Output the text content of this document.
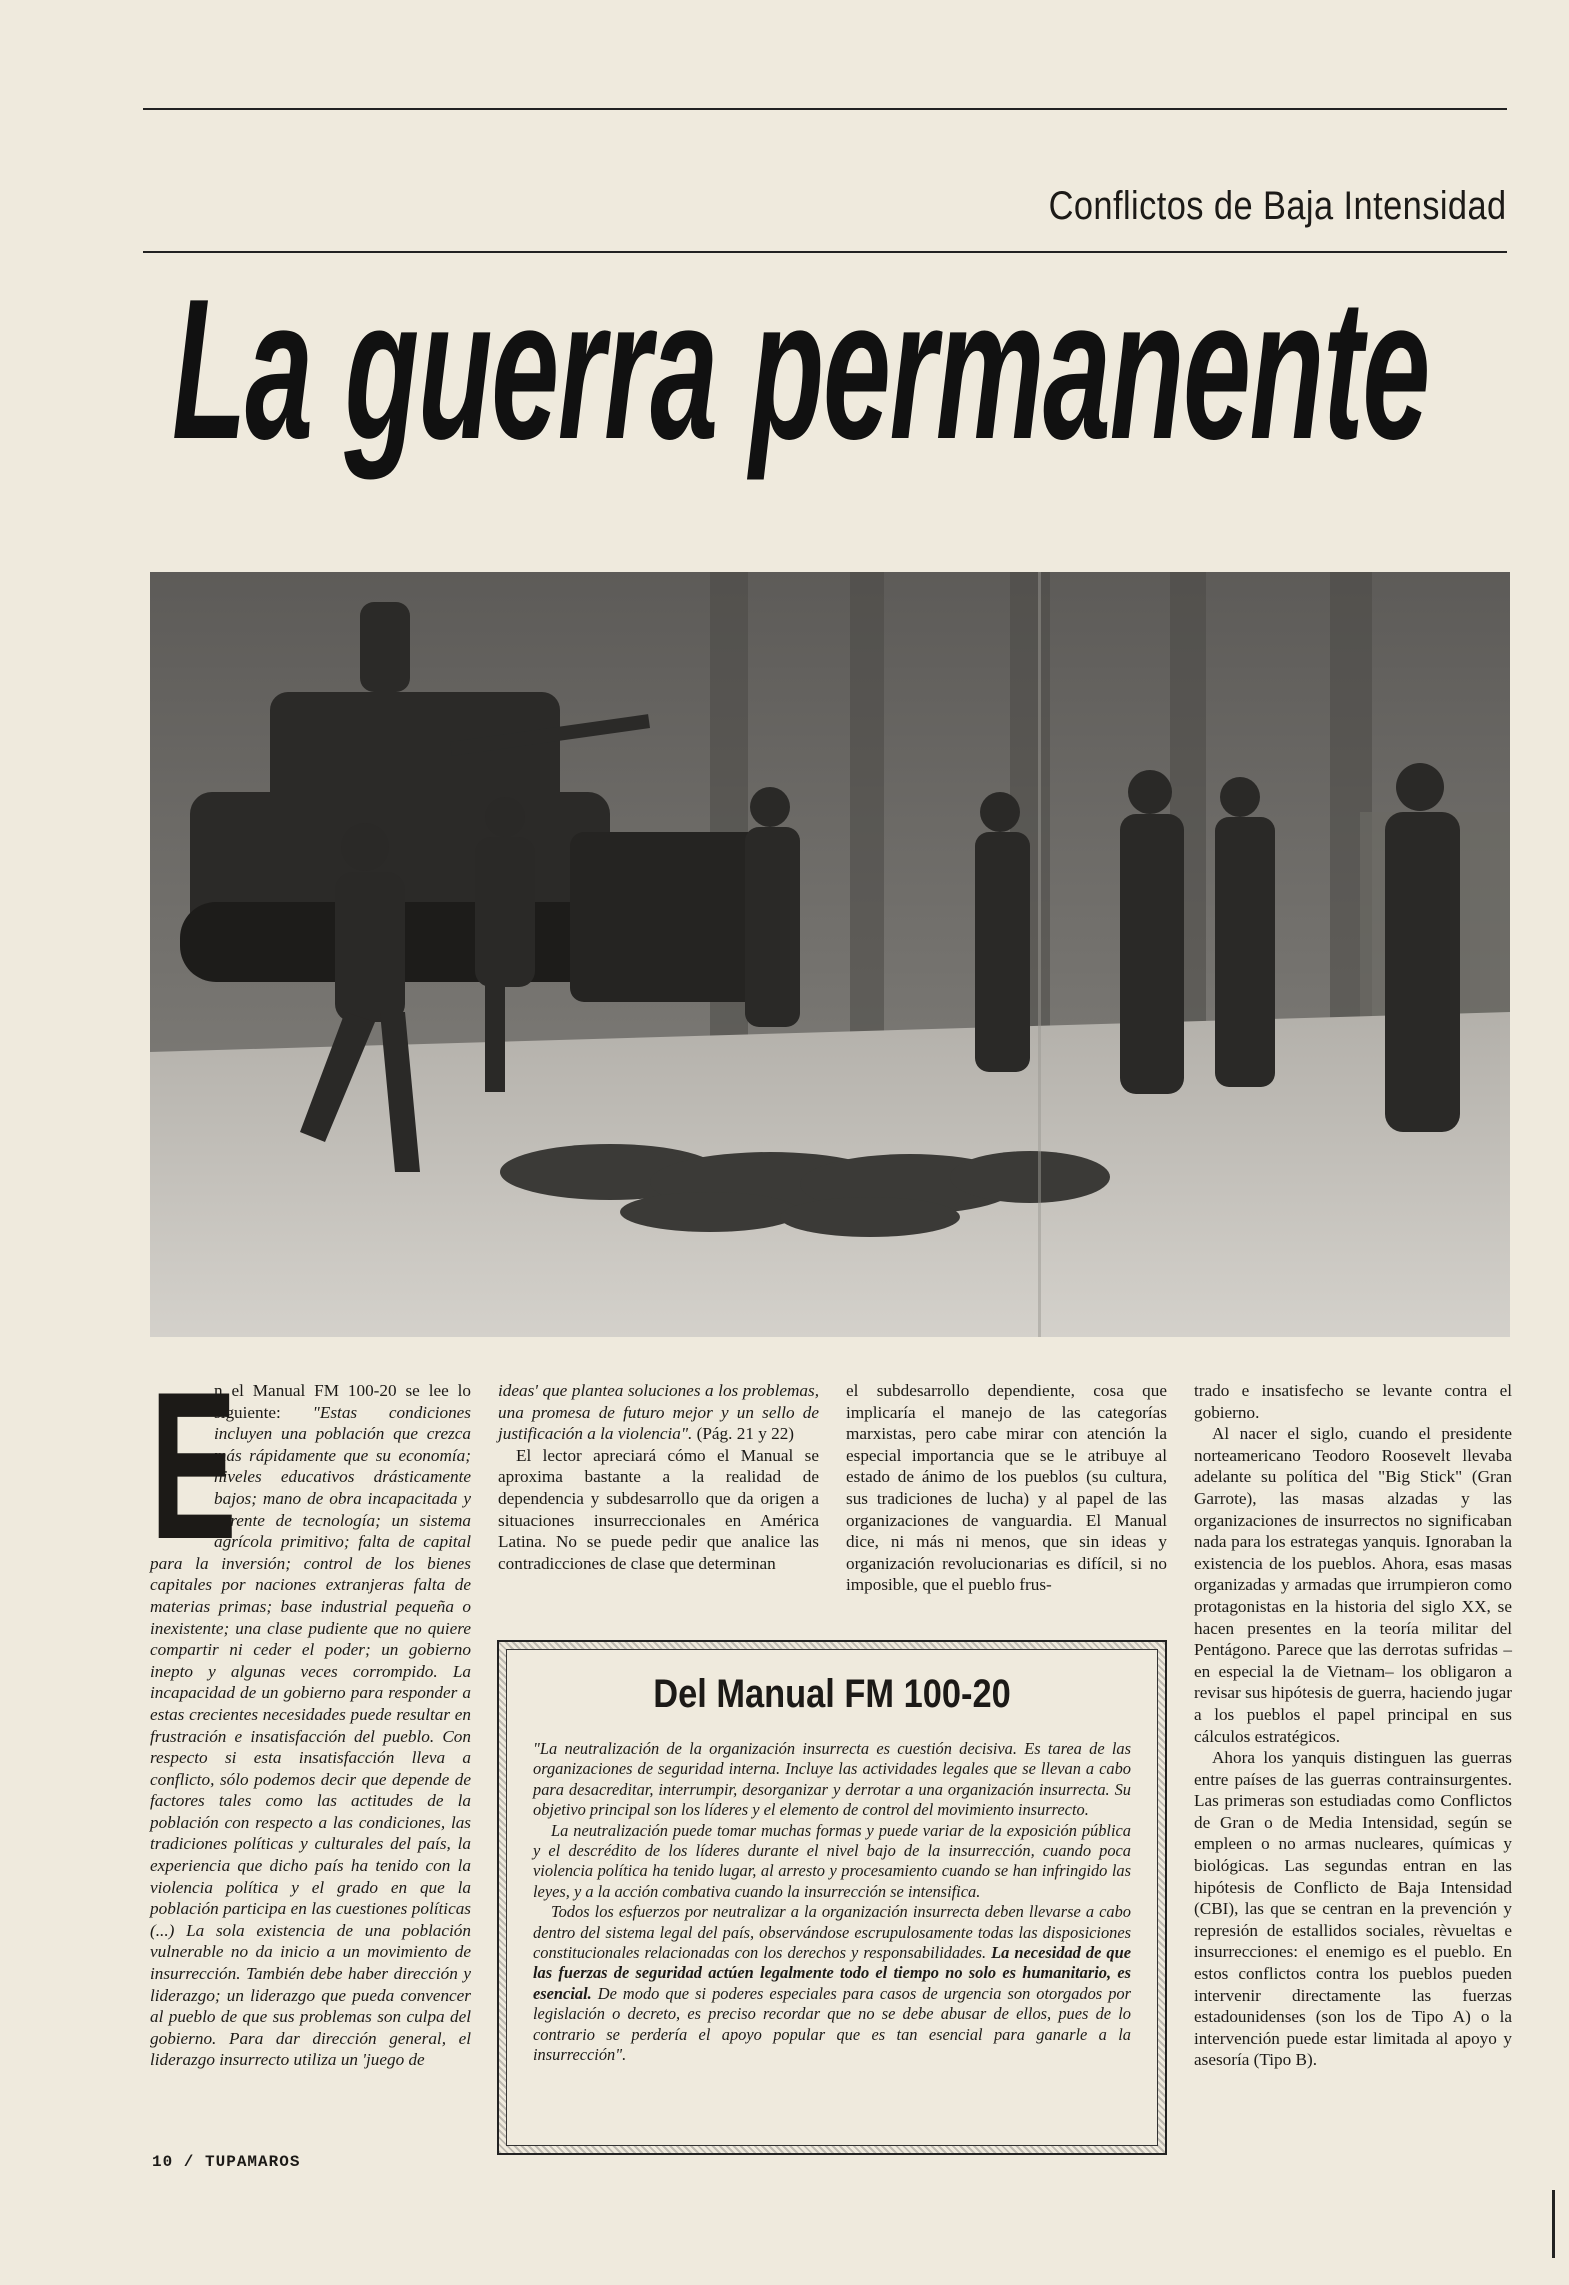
Conflictos de Baja Intensidad
La guerra permanente
E

n el Manual FM 100-20 se lee lo siguiente: "Estas condiciones incluyen una población que crezca más rápidamente que su economía; niveles educativos drásticamente bajos; mano de obra incapacitada y carente de tecnología; un sistema agrícola primitivo; falta de capital para la inversión; control de los bienes capitales por naciones extranjeras falta de materias primas; base industrial pequeña o inexistente; una clase pudiente que no quiere compartir ni ceder el poder; un gobierno inepto y algunas veces corrompido. La incapacidad de un gobierno para responder a estas crecientes necesidades puede resultar en frustración e insatisfacción del pueblo. Con respecto si esta insatisfacción lleva a conflicto, sólo podemos decir que depende de factores tales como las actitudes de la población con respecto a las condiciones, las tradiciones políticas y culturales del país, la experiencia que dicho país ha tenido con la violencia política y el grado en que la población participa en las cuestiones políticas (...) La sola existencia de una población vulnerable no da inicio a un movimiento de insurrección. También debe haber dirección y liderazgo; un liderazgo que pueda convencer al pueblo de que sus problemas son culpa del gobierno. Para dar dirección general, el liderazgo insurrecto utiliza un 'juego de

ideas' que plantea soluciones a los problemas, una promesa de futuro mejor y un sello de justificación a la violencia". (Pág. 21 y 22)

El lector apreciará cómo el Manual se aproxima bastante a la realidad de dependencia y subdesarrollo que da origen a situaciones insurreccionales en América Latina. No se puede pedir que analice las contradicciones de clase que determinan

el subdesarrollo dependiente, cosa que implicaría el manejo de las categorías marxistas, pero cabe mirar con atención la especial importancia que se le atribuye al estado de ánimo de los pueblos (su cultura, sus tradiciones de lucha) y al papel de las organizaciones de vanguardia. El Manual dice, ni más ni menos, que sin ideas y organización revolucionarias es difícil, si no imposible, que el pueblo frus-

trado e insatisfecho se levante contra el gobierno.

Al nacer el siglo, cuando el presidente norteamericano Teodoro Roosevelt llevaba adelante su política del "Big Stick" (Gran Garrote), las masas alzadas y las organizaciones de insurrectos no significaban nada para los estrategas yanquis. Ignoraban la existencia de los pueblos. Ahora, esas masas organizadas y armadas que irrumpieron como protagonistas en la historia del siglo XX, se hacen presentes en la teoría militar del Pentágono. Parece que las derrotas sufridas –en especial la de Vietnam– los obligaron a revisar sus hipótesis de guerra, haciendo jugar a los pueblos el papel principal en sus cálculos estratégicos.

Ahora los yanquis distinguen las guerras entre países de las guerras contrainsurgentes. Las primeras son estudiadas como Conflictos de Gran o de Media Intensidad, según se empleen o no armas nucleares, químicas y biológicas. Las segundas entran en las hipótesis de Conflicto de Baja Intensidad (CBI), las que se centran en la prevención y represión de estallidos sociales, rèvueltas e insurrecciones: el enemigo es el pueblo. En estos conflictos contra los pueblos pueden intervenir directamente las fuerzas estadounidenses (son los de Tipo A) o la intervención puede estar limitada al apoyo y asesoría (Tipo B).

Del Manual FM 100-20

"La neutralización de la organización insurrecta es cuestión decisiva. Es tarea de las organizaciones de seguridad interna. Incluye las actividades legales que se llevan a cabo para desacreditar, interrumpir, desorganizar y derrotar a una organización insurrecta. Su objetivo principal son los líderes y el elemento de control del movimiento insurrecto.

La neutralización puede tomar muchas formas y puede variar de la exposición pública y el descrédito de los líderes durante el nivel bajo de la insurrección, cuando poca violencia política ha tenido lugar, al arresto y procesamiento cuando se han infringido las leyes, y a la acción combativa cuando la insurrección se intensifica.

Todos los esfuerzos por neutralizar a la organización insurrecta deben llevarse a cabo dentro del sistema legal del país, observándose escrupulosamente todas las disposiciones constitucionales relacionadas con los derechos y responsabilidades. La necesidad de que las fuerzas de seguridad actúen legalmente todo el tiempo no solo es humanitario, es esencial. De modo que si poderes especiales para casos de urgencia son otorgados por legislación o decreto, es preciso recordar que no se debe abusar de ellos, pues de lo contrario se perdería el apoyo popular que es tan esencial para ganarle a la insurrección".

10 / TUPAMAROS
